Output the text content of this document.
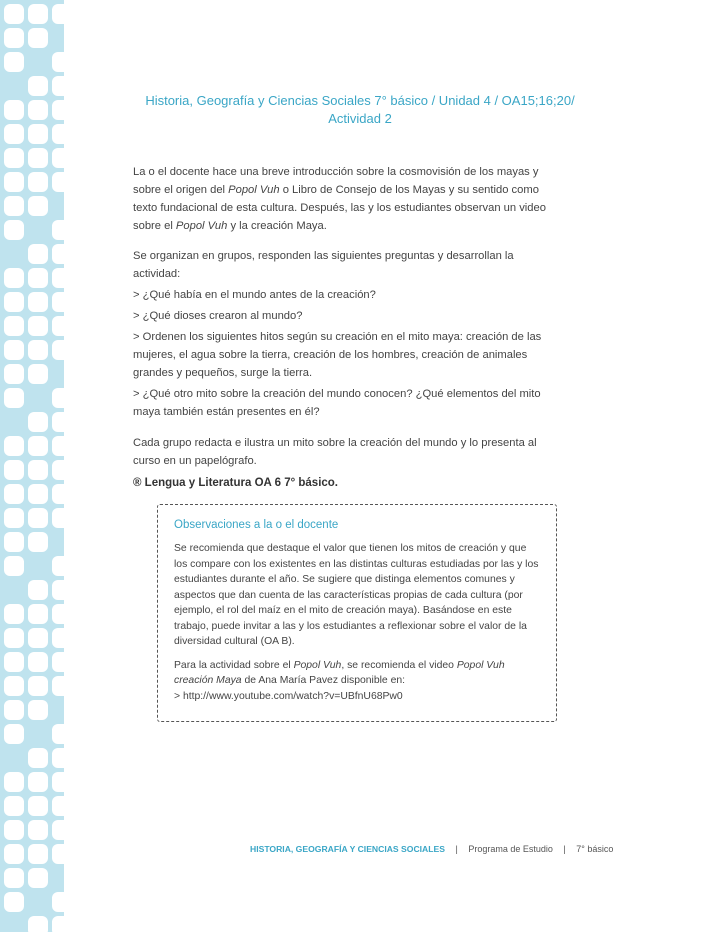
Historia, Geografía y Ciencias Sociales 7° básico / Unidad 4 / OA15;16;20/
Actividad 2

La o el docente hace una breve introducción sobre la cosmovisión de los mayas y sobre el origen del Popol Vuh o Libro de Consejo de los Mayas y su sentido como texto fundacional de esta cultura. Después, las y los estudiantes observan un video sobre el Popol Vuh y la creación Maya.

Se organizan en grupos, responden las siguientes preguntas y desarrollan la actividad:

> ¿Qué había en el mundo antes de la creación?

> ¿Qué dioses crearon al mundo?

> Ordenen los siguientes hitos según su creación en el mito maya: creación de las mujeres, el agua sobre la tierra, creación de los hombres, creación de animales grandes y pequeños, surge la tierra.

> ¿Qué otro mito sobre la creación del mundo conocen? ¿Qué elementos del mito maya también están presentes en él?

Cada grupo redacta e ilustra un mito sobre la creación del mundo y lo presenta al curso en un papelógrafo.

® Lengua y Literatura OA 6 7° básico.
Observaciones a la o el docente

Se recomienda que destaque el valor que tienen los mitos de creación y que los compare con los existentes en las distintas culturas estudiadas por las y los estudiantes durante el año. Se sugiere que distinga elementos comunes y aspectos que dan cuenta de las características propias de cada cultura (por ejemplo, el rol del maíz en el mito de creación maya). Basándose en este trabajo, puede invitar a las y los estudiantes a reflexionar sobre el valor de la diversidad cultural (OA B).

Para la actividad sobre el Popol Vuh, se recomienda el video Popol Vuh creación Maya de Ana María Pavez disponible en:

> http://www.youtube.com/watch?v=UBfnU68Pw0

HISTORIA, GEOGRAFÍA Y CIENCIAS SOCIALES | Programa de Estudio | 7° básico
